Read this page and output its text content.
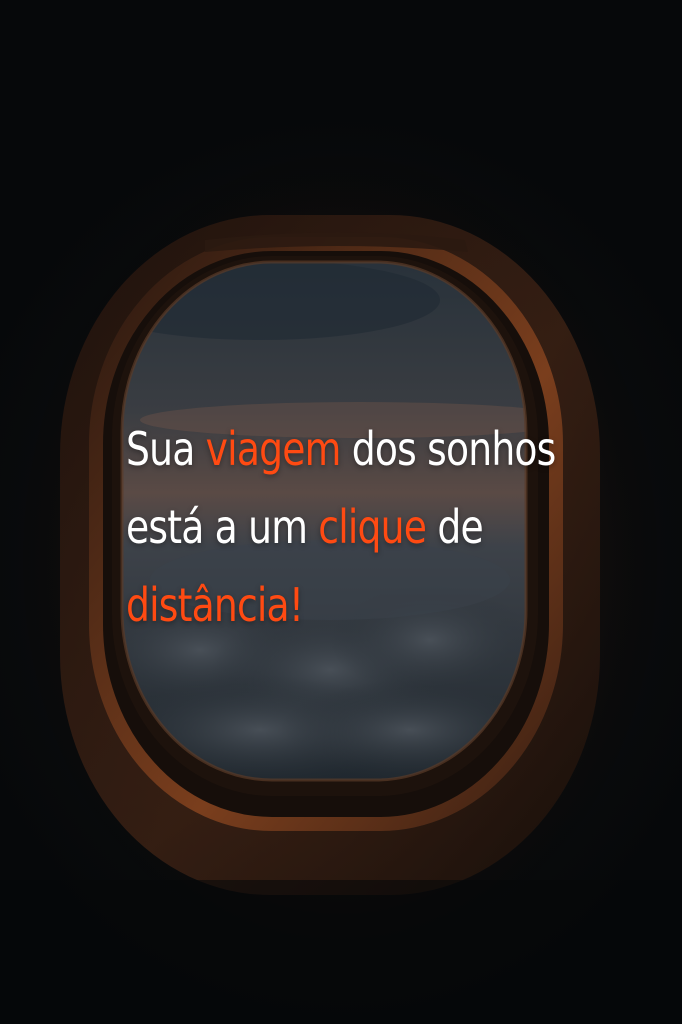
Sua viagem dos sonhos
está a um clique de
distância!
